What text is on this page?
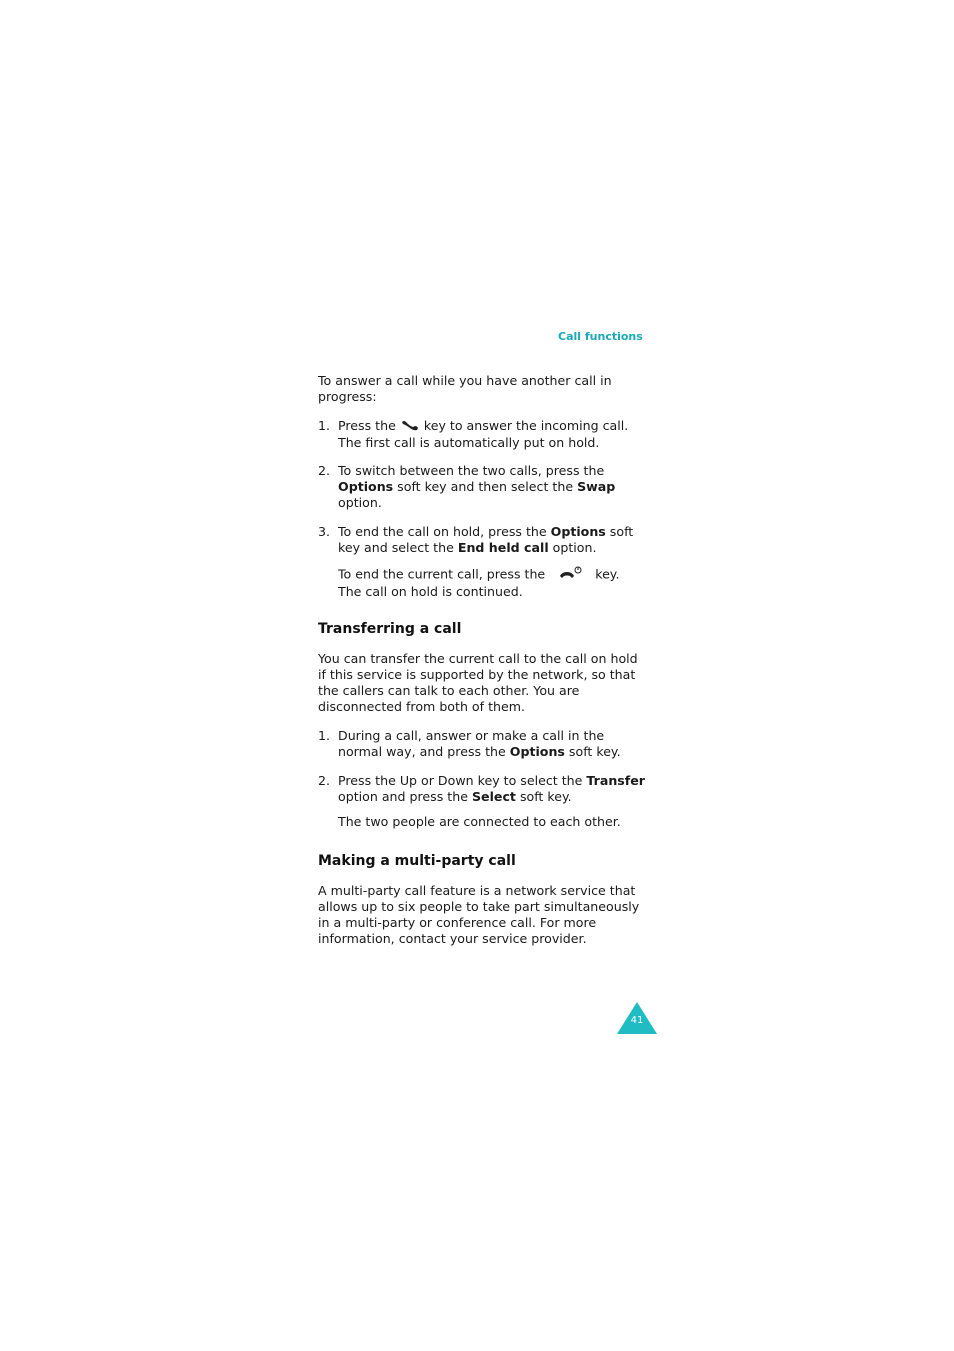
Call functions
To answer a call while you have another call in
progress:
1. Press the key to answer the incoming call.
The first call is automatically put on hold.
2. To switch between the two calls, press the
Options soft key and then select the Swap
option.
3. To end the call on hold, press the Options soft
key and select the End held call option.
To end the current call, press the	key.
The call on hold is continued.
Transferring a call
You can transfer the current call to the call on hold
if this service is supported by the network, so that
the callers can talk to each other. You are
disconnected from both of them.
1. During a call, answer or make a call in the
normal way, and press the Options soft key.
2. Press the Up or Down key to select the Transfer
option and press the Select soft key.
The two people are connected to each other.
Making a multi-party call
A multi-party call feature is a network service that
allows up to six people to take part simultaneously
in a multi-party or conference call. For more
information, contact your service provider.
41
